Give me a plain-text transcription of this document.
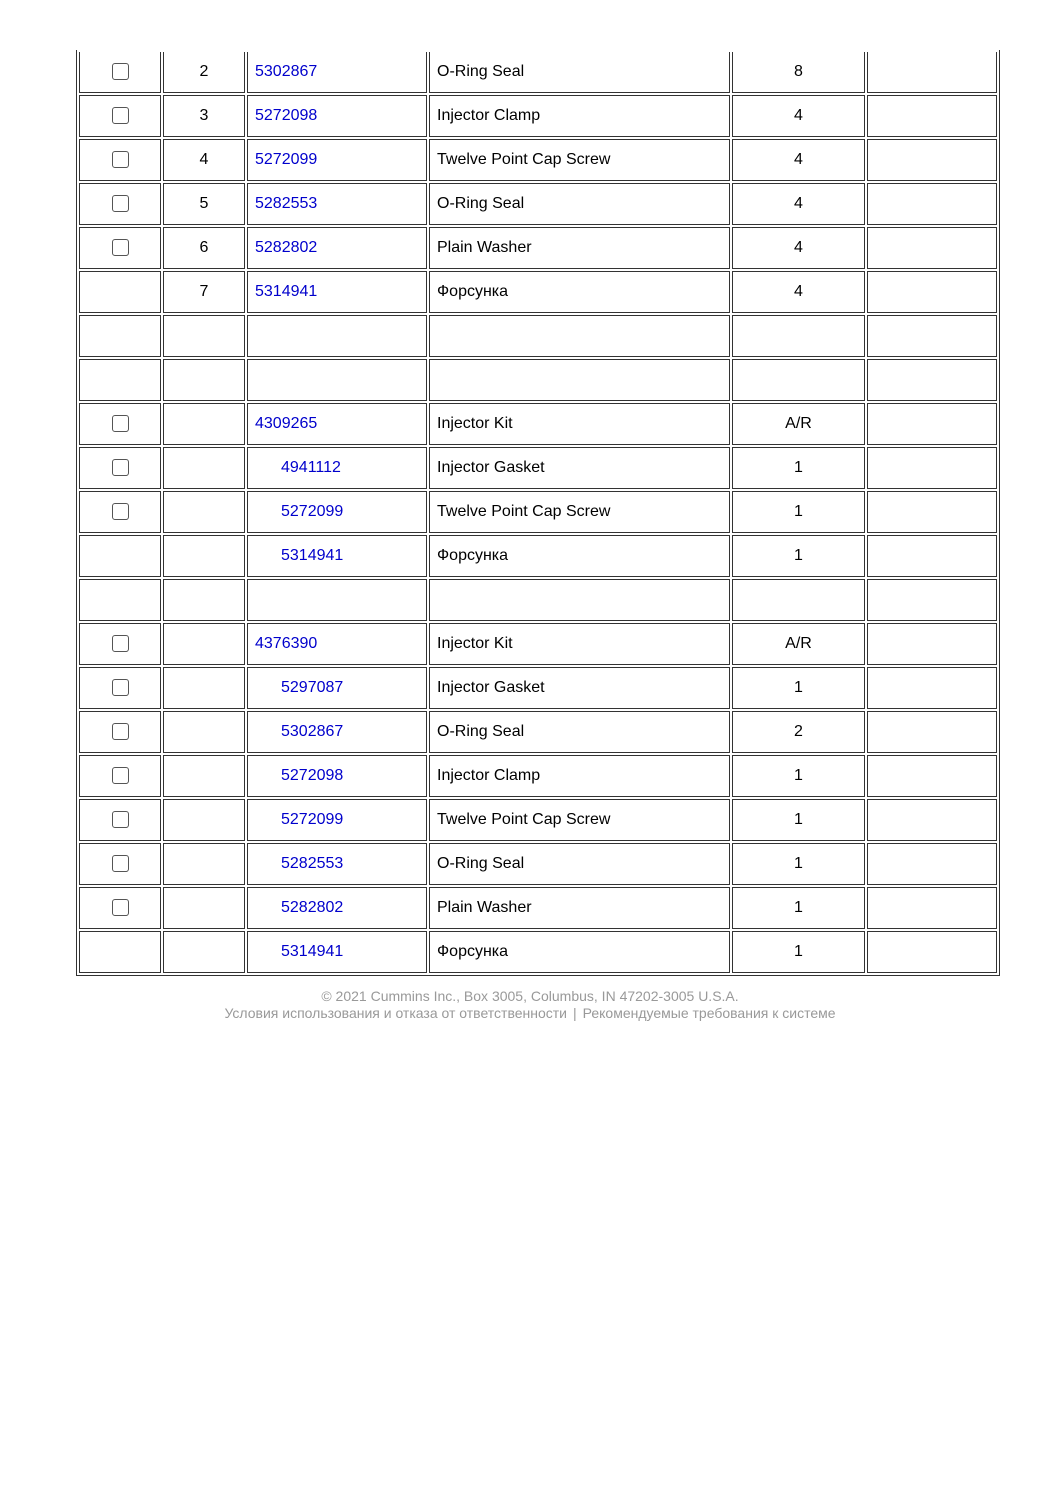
	2	5302867	O-Ring Seal	8	
	3	5272098	Injector Clamp	4	
	4	5272099	Twelve Point Cap Screw	4	
	5	5282553	O-Ring Seal	4	
	6	5282802	Plain Washer	4	
	7	5314941	Форсунка	4	

		4309265	Injector Kit	A/R	
		4941112	Injector Gasket	1	
		5272099	Twelve Point Cap Screw	1	
		5314941	Форсунка	1	

		4376390	Injector Kit	A/R	
		5297087	Injector Gasket	1	
		5302867	O-Ring Seal	2	
		5272098	Injector Clamp	1	
		5272099	Twelve Point Cap Screw	1	
		5282553	O-Ring Seal	1	
		5282802	Plain Washer	1	
		5314941	Форсунка	1	
© 2021 Cummins Inc., Box 3005, Columbus, IN 47202-3005 U.S.A.
Условия использования и отказа от ответственности | Рекомендуемые требования к системе
